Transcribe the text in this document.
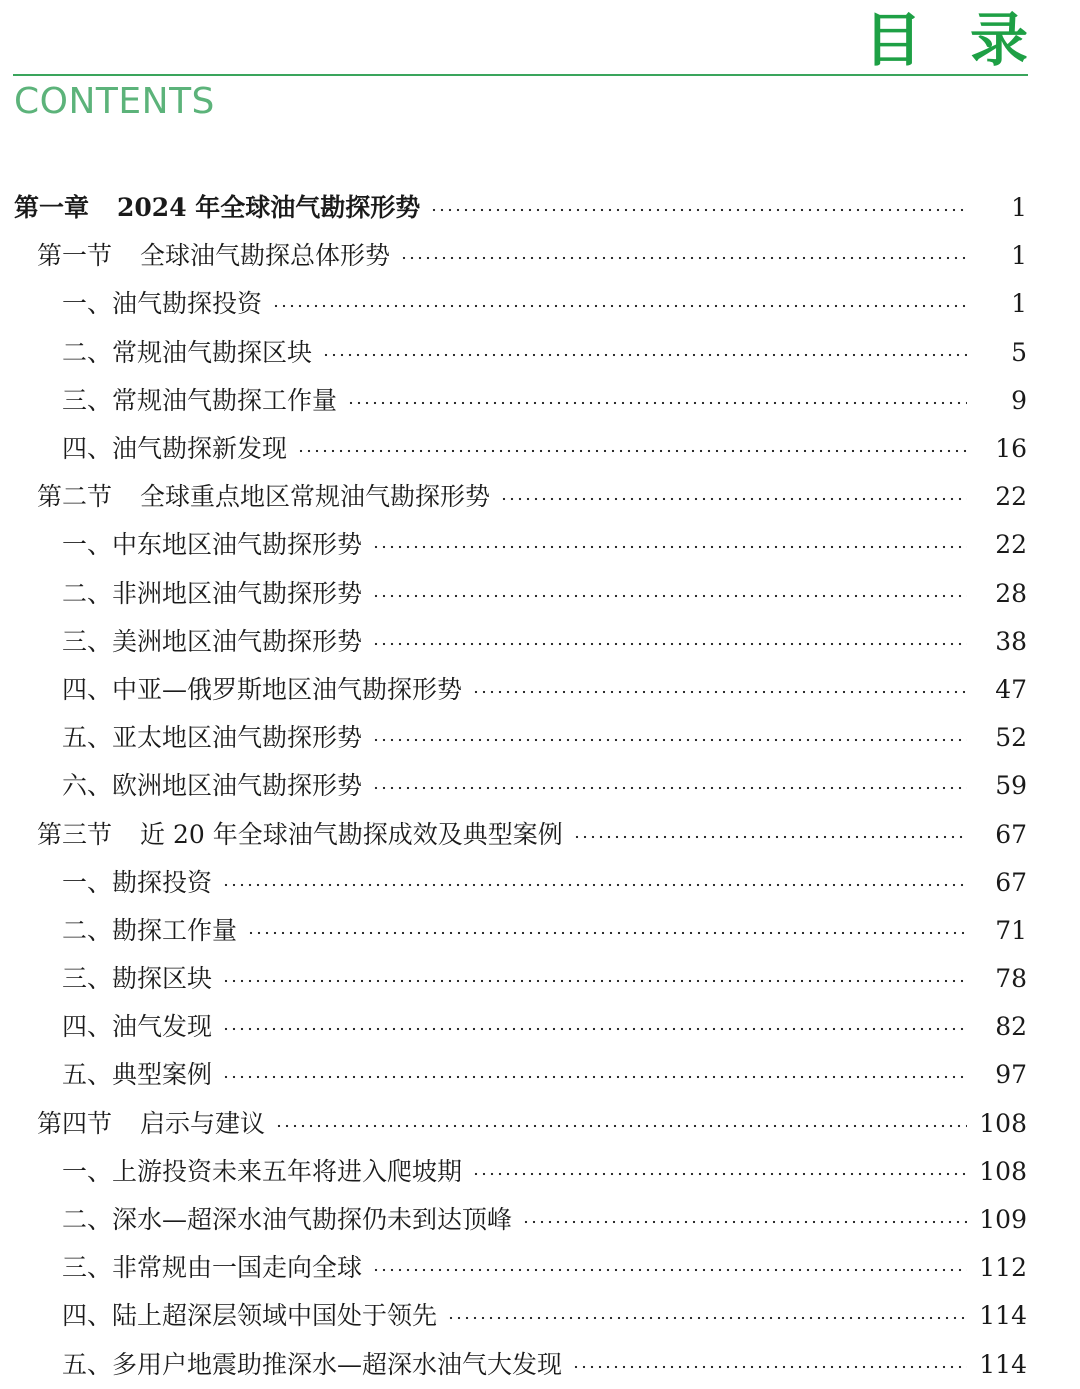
目录
CONTENTS
第一章 2024 年全球油气勘探形势	1
第一节 全球油气勘探总体形势	1
一、油气勘探投资	1
二、常规油气勘探区块	5
三、常规油气勘探工作量	9
四、油气勘探新发现	16
第二节 全球重点地区常规油气勘探形势	22
一、中东地区油气勘探形势	22
二、非洲地区油气勘探形势	28
三、美洲地区油气勘探形势	38
四、中亚—俄罗斯地区油气勘探形势	47
五、亚太地区油气勘探形势	52
六、欧洲地区油气勘探形势	59
第三节 近 20 年全球油气勘探成效及典型案例	67
一、勘探投资	67
二、勘探工作量	71
三、勘探区块	78
四、油气发现	82
五、典型案例	97
第四节 启示与建议	108
一、上游投资未来五年将进入爬坡期	108
二、深水—超深水油气勘探仍未到达顶峰	109
三、非常规由一国走向全球	112
四、陆上超深层领域中国处于领先	114
五、多用户地震助推深水—超深水油气大发现	114
